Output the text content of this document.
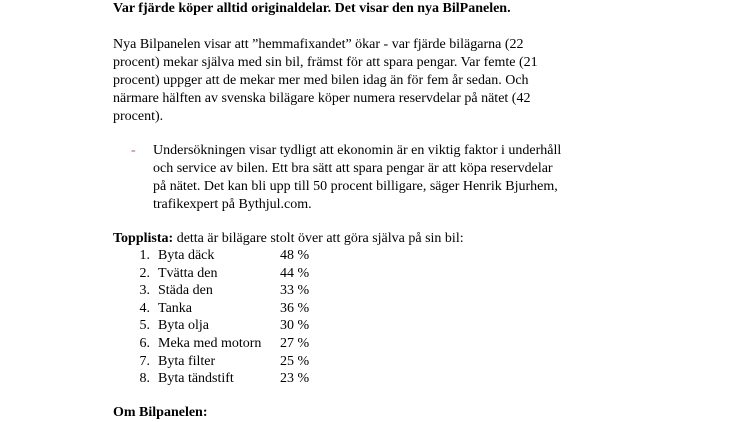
Var fjärde köper alltid originaldelar. Det visar den nya BilPanelen.
Nya Bilpanelen visar att ”hemmafixandet” ökar - var fjärde bilägarna (22
procent) mekar själva med sin bil, främst för att spara pengar. Var femte (21
procent) uppger att de mekar mer med bilen idag än för fem år sedan. Och
närmare hälften av svenska bilägare köper numera reservdelar på nätet (42
procent).
- Undersökningen visar tydligt att ekonomin är en viktig faktor i underhåll
och service av bilen. Ett bra sätt att spara pengar är att köpa reservdelar
på nätet. Det kan bli upp till 50 procent billigare, säger Henrik Bjurhem,
trafikexpert på Bythjul.com.
Topplista: detta är bilägare stolt över att göra själva på sin bil:
1. Byta däck	48 %
2. Tvätta den	44 %
3. Städa den	33 %
4. Tanka	36 %
5. Byta olja	30 %
6. Meka med motorn 27 %
7. Byta filter	25 %
8. Byta tändstift	23 %
Om Bilpanelen:
